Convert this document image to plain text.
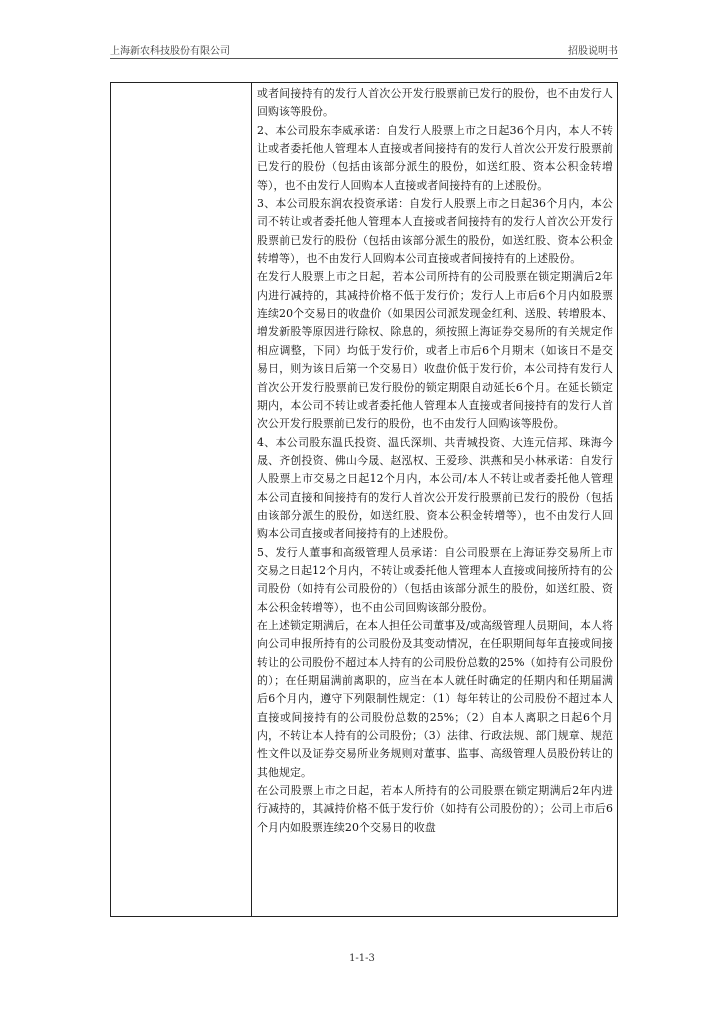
上海新农科技股份有限公司	招股说明书

或者间接持有的发行人首次公开发行股票前已发行的股份，也不由发行人回购该等股份。

2、本公司股东李威承诺：自发行人股票上市之日起36个月内，本人不转让或者委托他人管理本人直接或者间接持有的发行人首次公开发行股票前已发行的股份（包括由该部分派生的股份，如送红股、资本公积金转增等），也不由发行人回购本人直接或者间接持有的上述股份。

3、本公司股东润农投资承诺：自发行人股票上市之日起36个月内，本公司不转让或者委托他人管理本人直接或者间接持有的发行人首次公开发行股票前已发行的股份（包括由该部分派生的股份，如送红股、资本公积金转增等），也不由发行人回购本公司直接或者间接持有的上述股份。

在发行人股票上市之日起，若本公司所持有的公司股票在锁定期满后2年内进行减持的，其减持价格不低于发行价；发行人上市后6个月内如股票连续20个交易日的收盘价（如果因公司派发现金红利、送股、转增股本、增发新股等原因进行除权、除息的，须按照上海证券交易所的有关规定作相应调整，下同）均低于发行价，或者上市后6个月期末（如该日不是交易日，则为该日后第一个交易日）收盘价低于发行价，本公司持有发行人首次公开发行股票前已发行股份的锁定期限自动延长6个月。在延长锁定期内，本公司不转让或者委托他人管理本人直接或者间接持有的发行人首次公开发行股票前已发行的股份，也不由发行人回购该等股份。

4、本公司股东温氏投资、温氏深圳、共青城投资、大连元信邦、珠海今晟、齐创投资、佛山今晟、赵泓权、王爱珍、洪燕和吴小林承诺：自发行人股票上市交易之日起12个月内，本公司/本人不转让或者委托他人管理本公司直接和间接持有的发行人首次公开发行股票前已发行的股份（包括由该部分派生的股份，如送红股、资本公积金转增等），也不由发行人回购本公司直接或者间接持有的上述股份。

5、发行人董事和高级管理人员承诺：自公司股票在上海证券交易所上市交易之日起12个月内，不转让或委托他人管理本人直接或间接所持有的公司股份（如持有公司股份的）（包括由该部分派生的股份，如送红股、资本公积金转增等），也不由公司回购该部分股份。

在上述锁定期满后，在本人担任公司董事及/或高级管理人员期间，本人将向公司申报所持有的公司股份及其变动情况，在任职期间每年直接或间接转让的公司股份不超过本人持有的公司股份总数的25%（如持有公司股份的）；在任期届满前离职的，应当在本人就任时确定的任期内和任期届满后6个月内，遵守下列限制性规定：（1）每年转让的公司股份不超过本人直接或间接持有的公司股份总数的25%；（2）自本人离职之日起6个月内，不转让本人持有的公司股份；（3）法律、行政法规、部门规章、规范性文件以及证券交易所业务规则对董事、监事、高级管理人员股份转让的其他规定。

在公司股票上市之日起，若本人所持有的公司股票在锁定期满后2年内进行减持的，其减持价格不低于发行价（如持有公司股份的）；公司上市后6个月内如股票连续20个交易日的收盘

1-1-3
